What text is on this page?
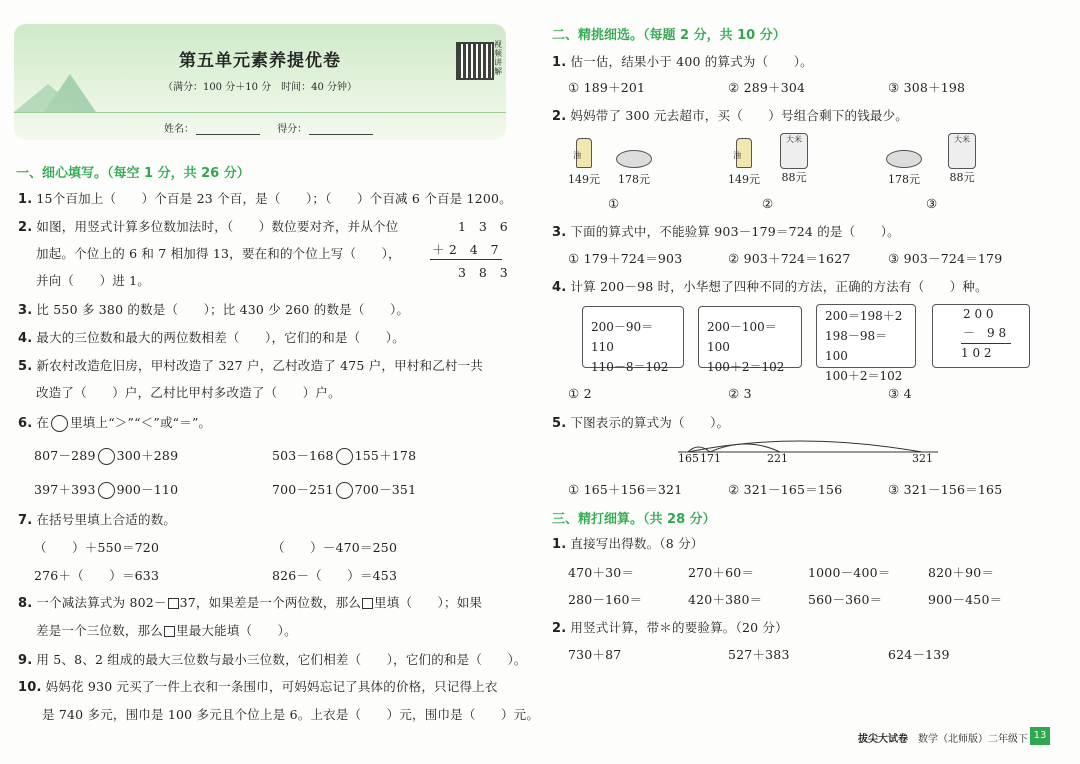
第五单元素养提优卷
（满分：100 分＋10 分　时间：40 分钟）
视频讲解
姓名：	得分：
一、细心填写。（每空 1 分，共 26 分）
1. 15个百加上（　　）个百是 23 个百，是（　　）；（　　）个百减 6 个百是 1200。
2. 如图，用竖式计算多位数加法时，（　　）数位要对齐，并从个位
加起。个位上的 6 和 7 相加得 13，要在和的个位上写（　　），
并向（　　）进 1。
1　3　6
＋ 2　4　7
3　8　3
3. 比 550 多 380 的数是（　　）；比 430 少 260 的数是（　　）。
4. 最大的三位数和最大的两位数相差（　　），它们的和是（　　）。
5. 新农村改造危旧房，甲村改造了 327 户，乙村改造了 475 户，甲村和乙村一共
改造了（　　）户，乙村比甲村多改造了（　　）户。
6. 在 里填上“＞”“＜”或“＝”。
807－289 300＋289	503－168 155＋178
397＋393 900－110	700－251 700－351
7. 在括号里填上合适的数。
（　　）＋550＝720	（　　）－470＝250
276＋（　　）＝633	826－（　　）＝453
8. 一个减法算式为 802－ 37，如果差是一个两位数，那么 里填（　　）；如果
差是一个三位数，那么 里最大能填（　　）。
9. 用 5、8、2 组成的最大三位数与最小三位数，它们相差（　　），它们的和是（　　）。
10. 妈妈花 930 元买了一件上衣和一条围巾，可妈妈忘记了具体的价格，只记得上衣
是 740 多元，围巾是 100 多元且个位上是 6。上衣是（　　）元，围巾是（　　）元。
二、精挑细选。（每题 2 分，共 10 分）
1. 估一估，结果小于 400 的算式为（　　）。
① 189＋201	② 289＋304	③ 308＋198
2. 妈妈带了 300 元去超市，买（　　）号组合剩下的钱最少。

149元
油

178元
①

149元
油
大米
88元
②

178元
大米
88元
③
3. 下面的算式中，不能验算 903－179＝724 的是（　　）。
① 179＋724＝903	② 903＋724＝1627	③ 903－724＝179
4. 计算 200－98 时，小华想了四种不同的方法，正确的方法有（　　）种。
200－90＝110
110－8＝102
200－100＝100
100＋2＝102
200＝198＋2
198－98＝100
100＋2＝102
2 0 0
－　9 8
1 0 2
① 2	② 3	③ 4
5. 下图表示的算式为（　　）。
165 171	221	321
① 165＋156＝321	② 321－165＝156	③ 321－156＝165
三、精打细算。（共 28 分）
1. 直接写出得数。（8 分）
470＋30＝	270＋60＝	1000－400＝	820＋90＝
280－160＝	420＋380＝	560－360＝	900－450＝
2. 用竖式计算，带＊的要验算。（20 分）
730＋87	527＋383	624－139
拔尖大试卷 数学（北师版）二年级下 13
